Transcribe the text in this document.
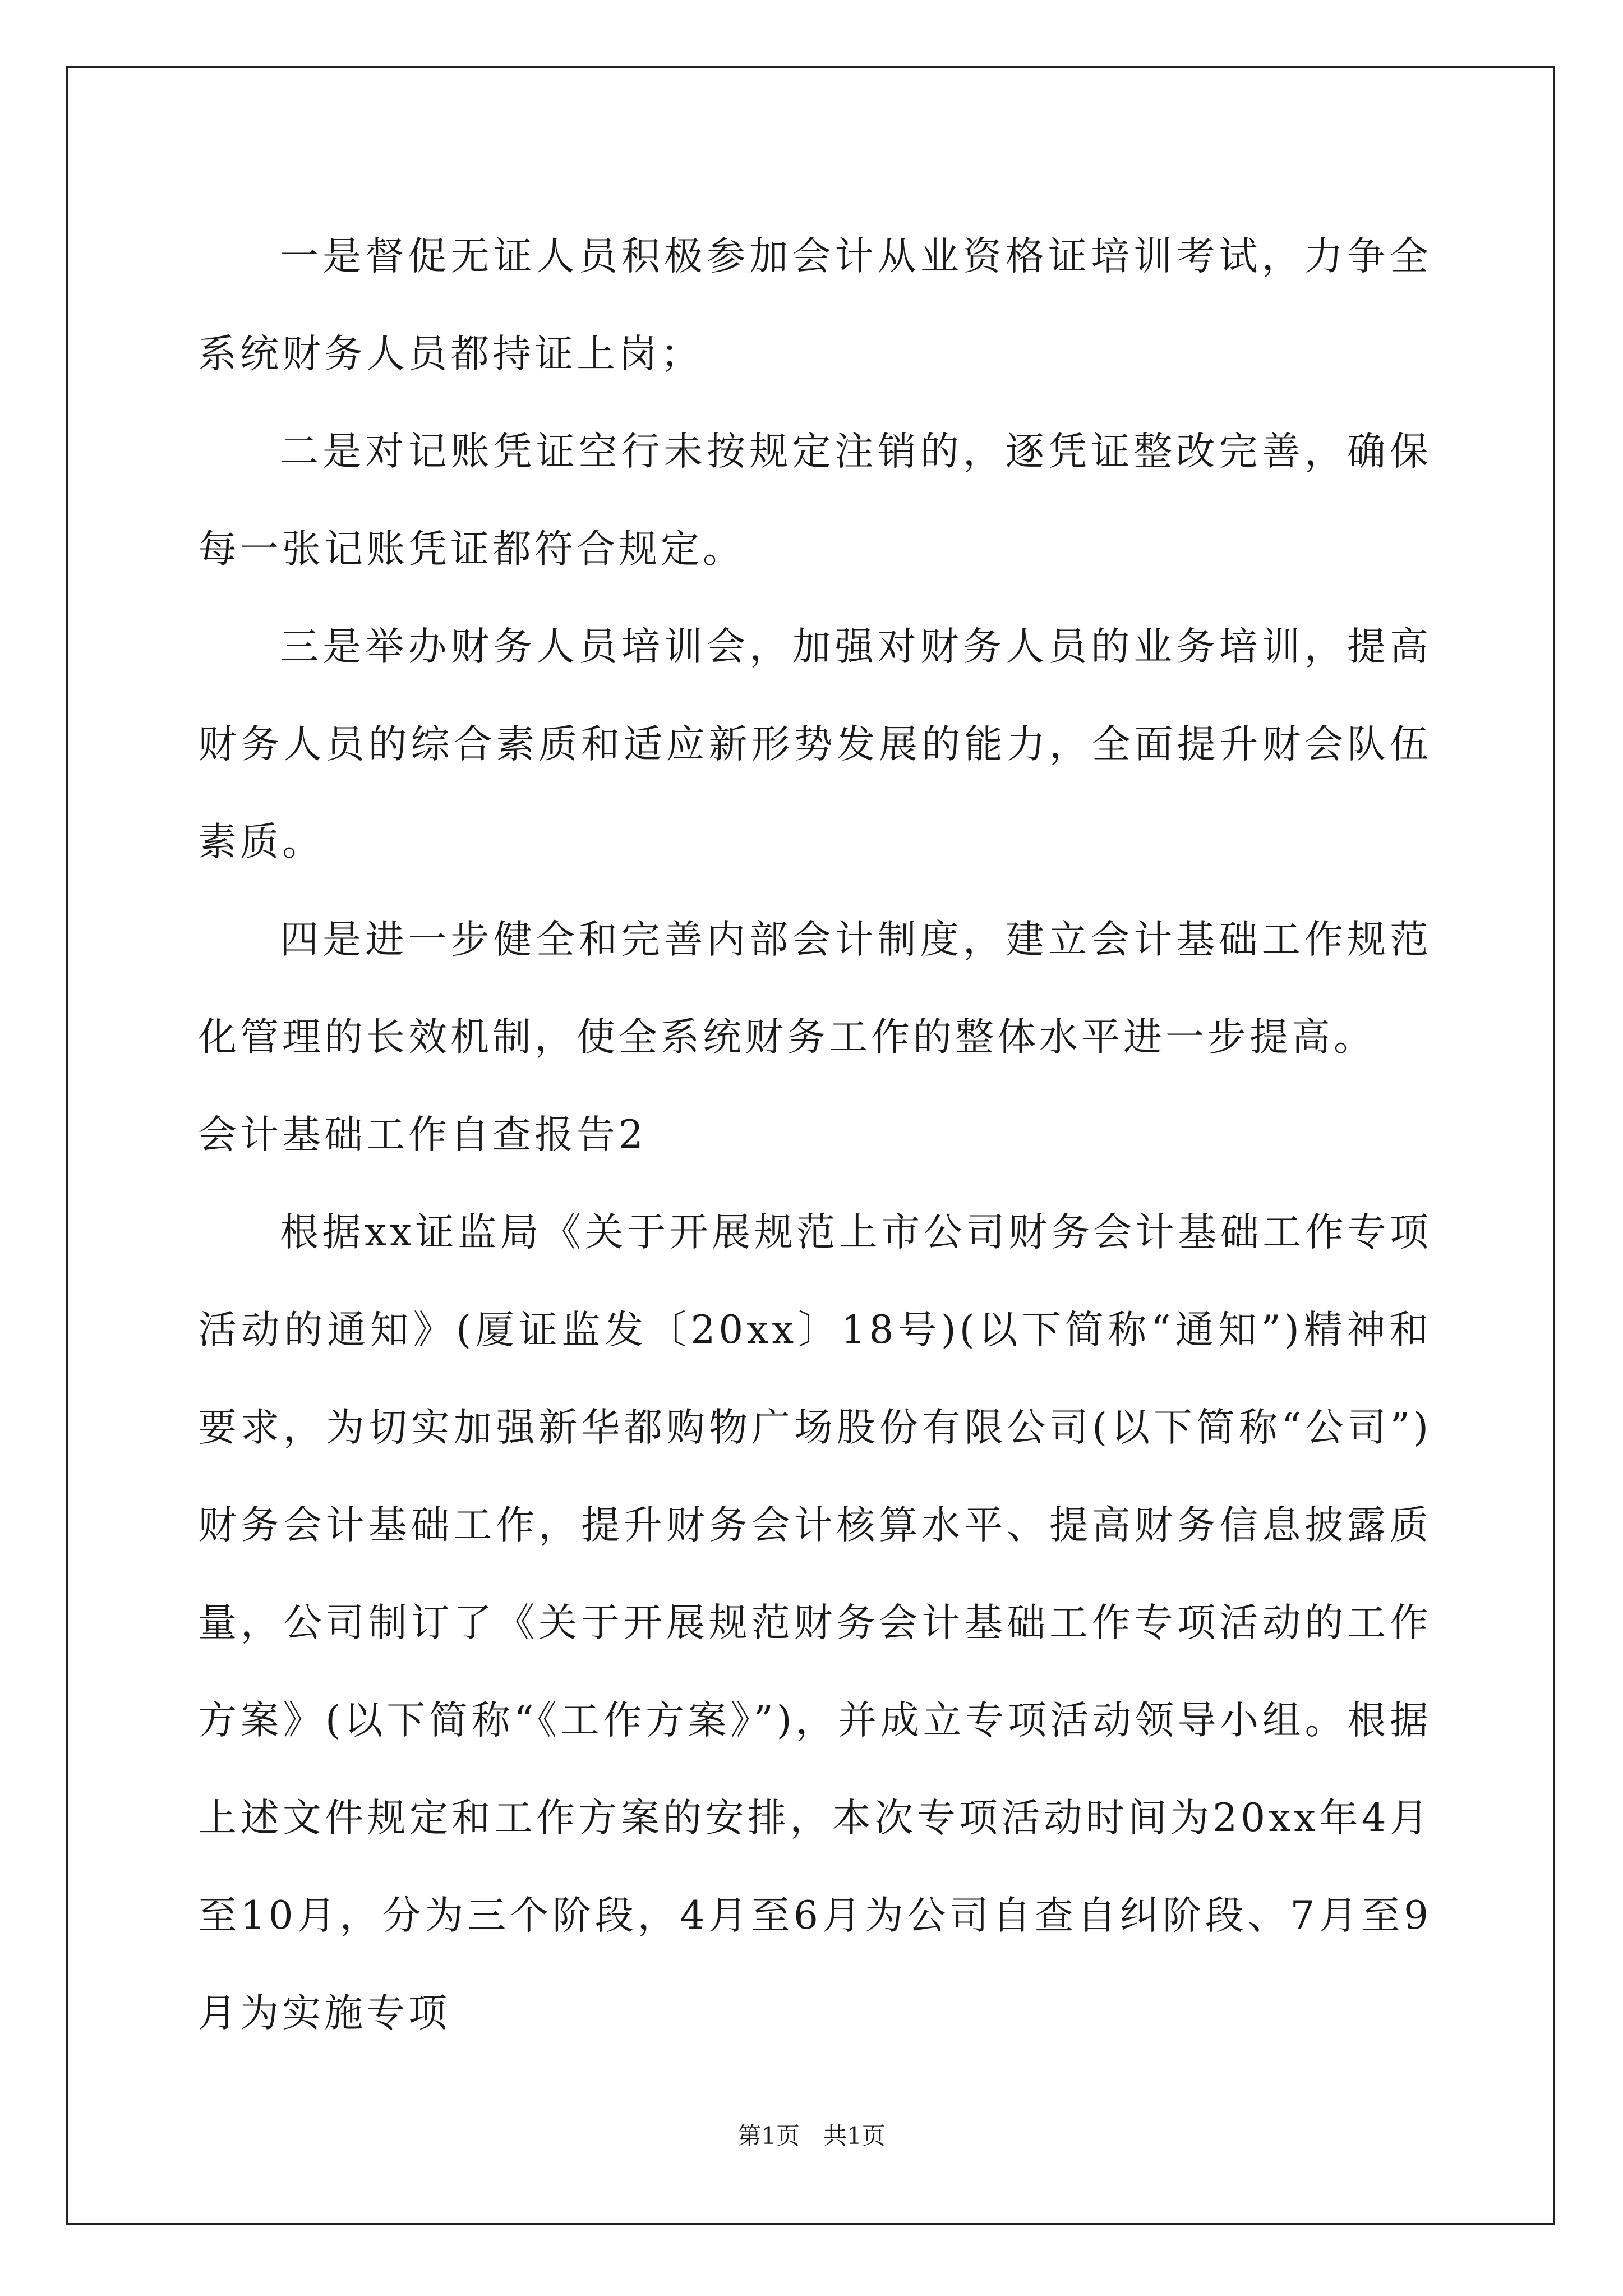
一是督促无证人员积极参加会计从业资格证培训考试，力争全系统财务人员都持证上岗；

二是对记账凭证空行未按规定注销的，逐凭证整改完善，确保每一张记账凭证都符合规定。

三是举办财务人员培训会，加强对财务人员的业务培训，提高财务人员的综合素质和适应新形势发展的能力，全面提升财会队伍素质。

四是进一步健全和完善内部会计制度，建立会计基础工作规范化管理的长效机制，使全系统财务工作的整体水平进一步提高。

会计基础工作自查报告2

根据xx证监局《关于开展规范上市公司财务会计基础工作专项活动的通知》(厦证监发〔20xx〕18号)(以下简称“通知”)精神和要求，为切实加强新华都购物广场股份有限公司(以下简称“公司”)财务会计基础工作，提升财务会计核算水平、提高财务信息披露质量，公司制订了《关于开展规范财务会计基础工作专项活动的工作方案》(以下简称“《工作方案》”)，并成立专项活动领导小组。根据上述文件规定和工作方案的安排，本次专项活动时间为20xx年4月至10月，分为三个阶段，4月至6月为公司自查自纠阶段、7月至9月为实施专项

第1页　共1页
